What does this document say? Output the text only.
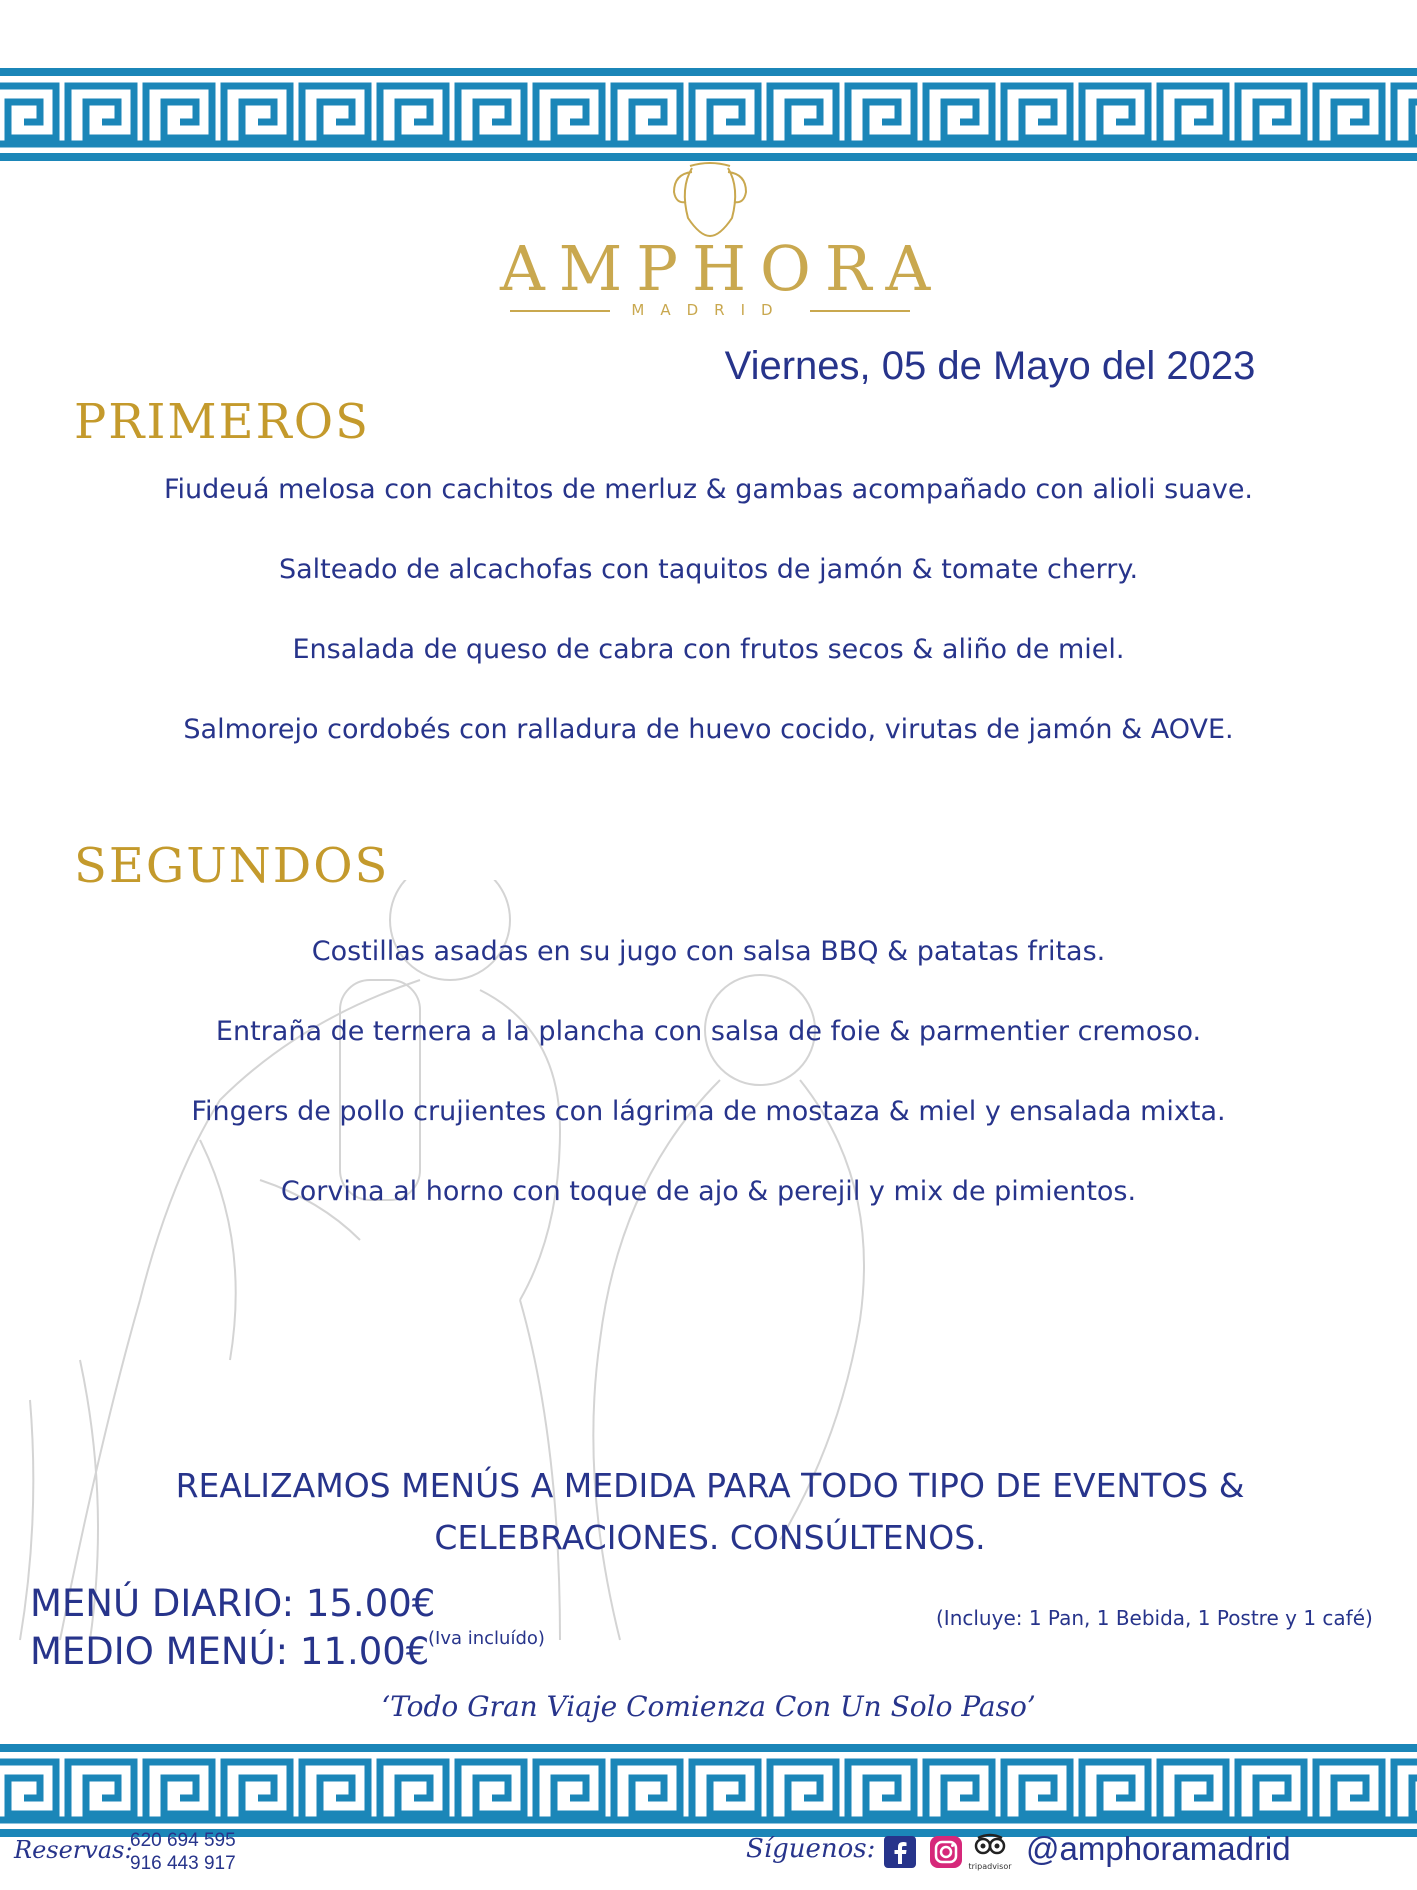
AMPHORA
MADRID
Viernes, 05 de Mayo del 2023
PRIMEROS
Fiudeuá melosa con cachitos de merluz & gambas acompañado con alioli suave.
Salteado de alcachofas con taquitos de jamón & tomate cherry.
Ensalada de queso de cabra con frutos secos & aliño de miel.
Salmorejo cordobés con ralladura de huevo cocido, virutas de jamón & AOVE.
SEGUNDOS
Costillas asadas en su jugo con salsa BBQ & patatas fritas.
Entraña de ternera a la plancha con salsa de foie & parmentier cremoso.
Fingers de pollo crujientes con lágrima de mostaza & miel y ensalada mixta.
Corvina al horno con toque de ajo & perejil y mix de pimientos.
REALIZAMOS MENÚS A MEDIDA PARA TODO TIPO DE EVENTOS &
CELEBRACIONES. CONSÚLTENOS.
MENÚ DIARIO: 15.00€
MEDIO MENÚ: 11.00€
(Iva incluído)
(Incluye: 1 Pan, 1 Bebida, 1 Postre y 1 café)
‘Todo Gran Viaje Comienza Con Un Solo Paso’
Reservas:
620 694 595
916 443 917	Síguenos:
tripadvisor @amphoramadrid
